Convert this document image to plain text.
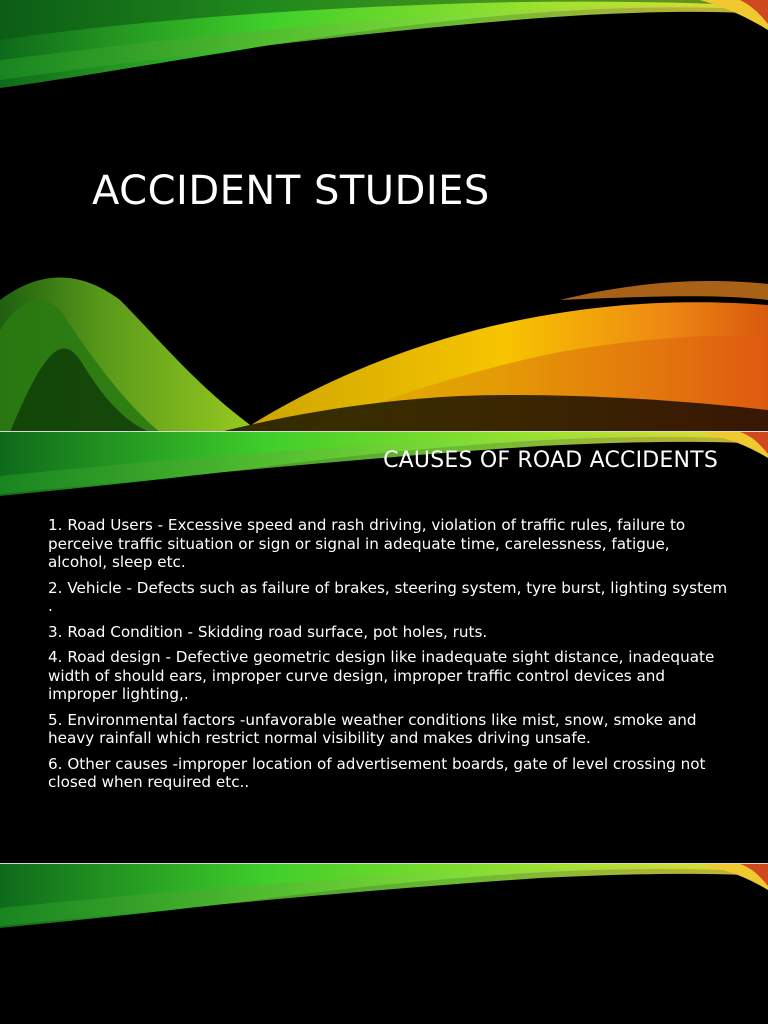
ACCIDENT STUDIES
CAUSES OF ROAD ACCIDENTS
1. Road Users - Excessive speed and rash driving, violation of traffic rules, failure to perceive traffic situation or sign or signal in adequate time, carelessness, fatigue, alcohol, sleep etc.
2. Vehicle - Defects such as failure of brakes, steering system, tyre burst, lighting system .
3. Road Condition - Skidding road surface, pot holes, ruts.
4. Road design - Defective geometric design like inadequate sight distance, inadequate width of should ears, improper curve design, improper traffic control devices and improper lighting,.
5. Environmental factors -unfavorable weather conditions like mist, snow, smoke and heavy rainfall which restrict normal visibility and makes driving unsafe.
6. Other causes -improper location of advertisement boards, gate of level crossing not closed when required etc..
